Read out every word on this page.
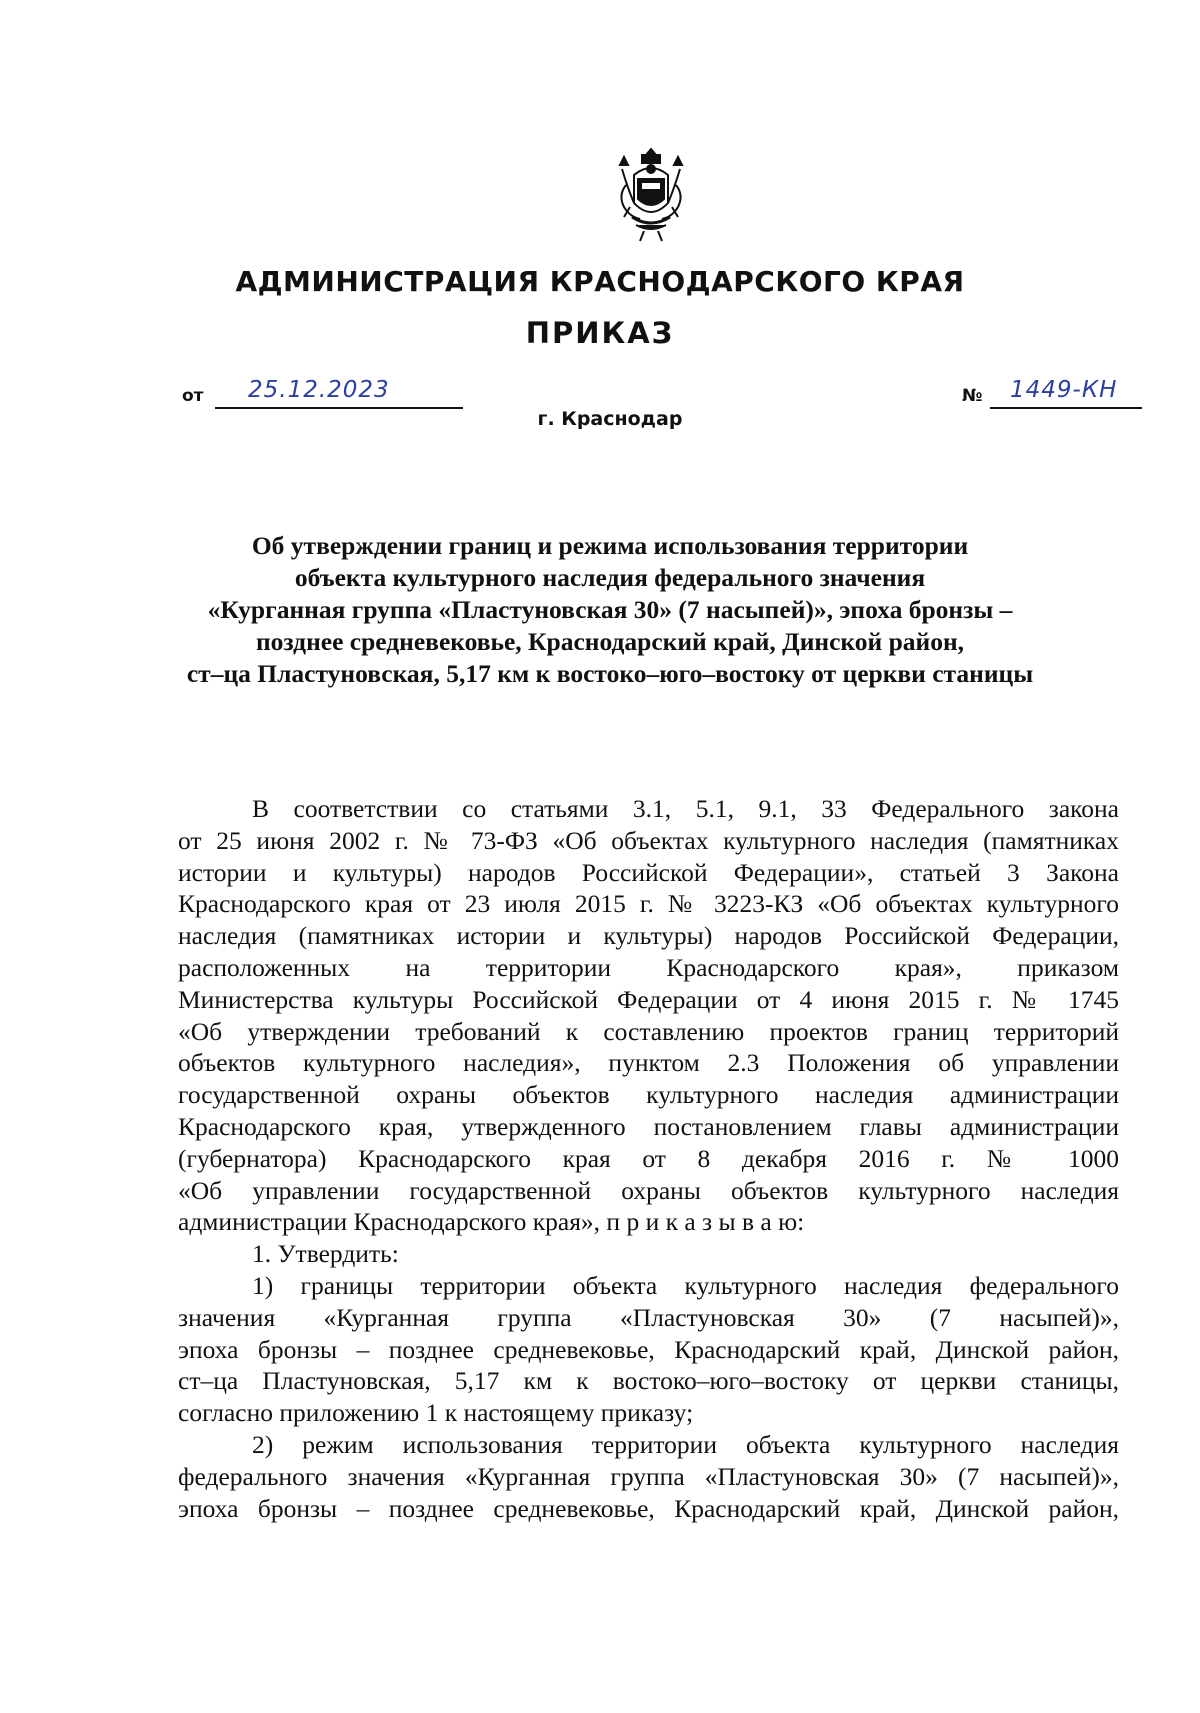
АДМИНИСТРАЦИЯ КРАСНОДАРСКОГО КРАЯ
ПРИКАЗ
от 25.12.2023	№ 1449-КН
г. Краснодар
Об утверждении границ и режима использования территории
объекта культурного наследия федерального значения
«Курганная группа «Пластуновская 30» (7 насыпей)», эпоха бронзы –
позднее средневековье, Краснодарский край, Динской район,
ст–ца Пластуновская, 5,17 км к востоко–юго–востоку от церкви станицы
В соответствии со статьями 3.1, 5.1, 9.1, 33 Федерального закона
от 25 июня 2002 г. № 73-ФЗ «Об объектах культурного наследия (памятниках
истории и культуры) народов Российской Федерации», статьей 3 Закона
Краснодарского края от 23 июля 2015 г. № 3223-КЗ «Об объектах культурного
наследия (памятниках истории и культуры) народов Российской Федерации,
расположенных на территории Краснодарского края», приказом
Министерства культуры Российской Федерации от 4 июня 2015 г. № 1745
«Об утверждении требований к составлению проектов границ территорий
объектов культурного наследия», пунктом 2.3 Положения об управлении
государственной охраны объектов культурного наследия администрации
Краснодарского края, утвержденного постановлением главы администрации
(губернатора) Краснодарского края от 8 декабря 2016 г. № 1000
«Об управлении государственной охраны объектов культурного наследия
администрации Краснодарского края», п р и к а з ы в а ю:
1. Утвердить:
1) границы территории объекта культурного наследия федерального
значения «Курганная группа «Пластуновская 30» (7 насыпей)»,
эпоха бронзы – позднее средневековье, Краснодарский край, Динской район,
ст–ца Пластуновская, 5,17 км к востоко–юго–востоку от церкви станицы,
согласно приложению 1 к настоящему приказу;
2) режим использования территории объекта культурного наследия
федерального значения «Курганная группа «Пластуновская 30» (7 насыпей)»,
эпоха бронзы – позднее средневековье, Краснодарский край, Динской район,
